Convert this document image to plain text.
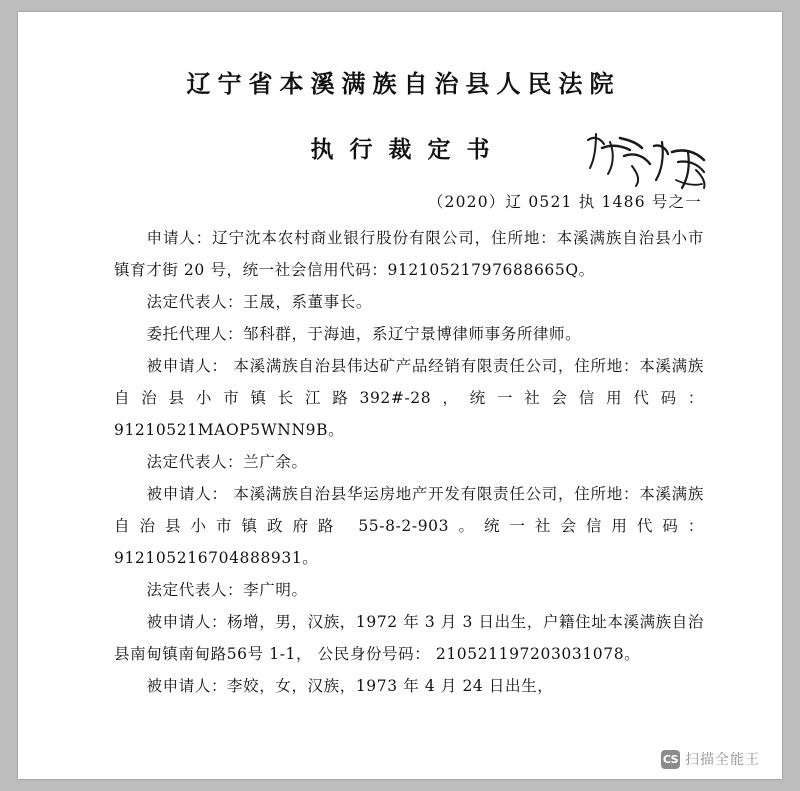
辽宁省本溪满族自治县人民法院
执行裁定书
（2020）辽 0521 执 1486 号之一

申请人：辽宁沈本农村商业银行股份有限公司，住所地：本溪满族自治县小市镇育才街 20 号，统一社会信用代码：91210521797688665Q。

法定代表人：王晟，系董事长。

委托代理人：邹科群，于海迪，系辽宁景博律师事务所律师。

被申请人： 本溪满族自治县伟达矿产品经销有限责任公司，住所地：本溪满族自治县小市镇长江路392#-28，统一社会信用代码： 91210521MAOP5WNN9B。

法定代表人：兰广余。

被申请人： 本溪满族自治县华运房地产开发有限责任公司，住所地：本溪满族自治县小市镇政府路 55-8-2-903。统一社会信用代码： 912105216704888931。

法定代表人：李广明。

被申请人：杨增，男，汉族，1972 年 3 月 3 日出生，户籍住址本溪满族自治县南甸镇南甸路56号 1-1， 公民身份号码： 210521197203031078。

被申请人：李姣，女，汉族，1973 年 4 月 24 日出生，

CS 扫描全能王
